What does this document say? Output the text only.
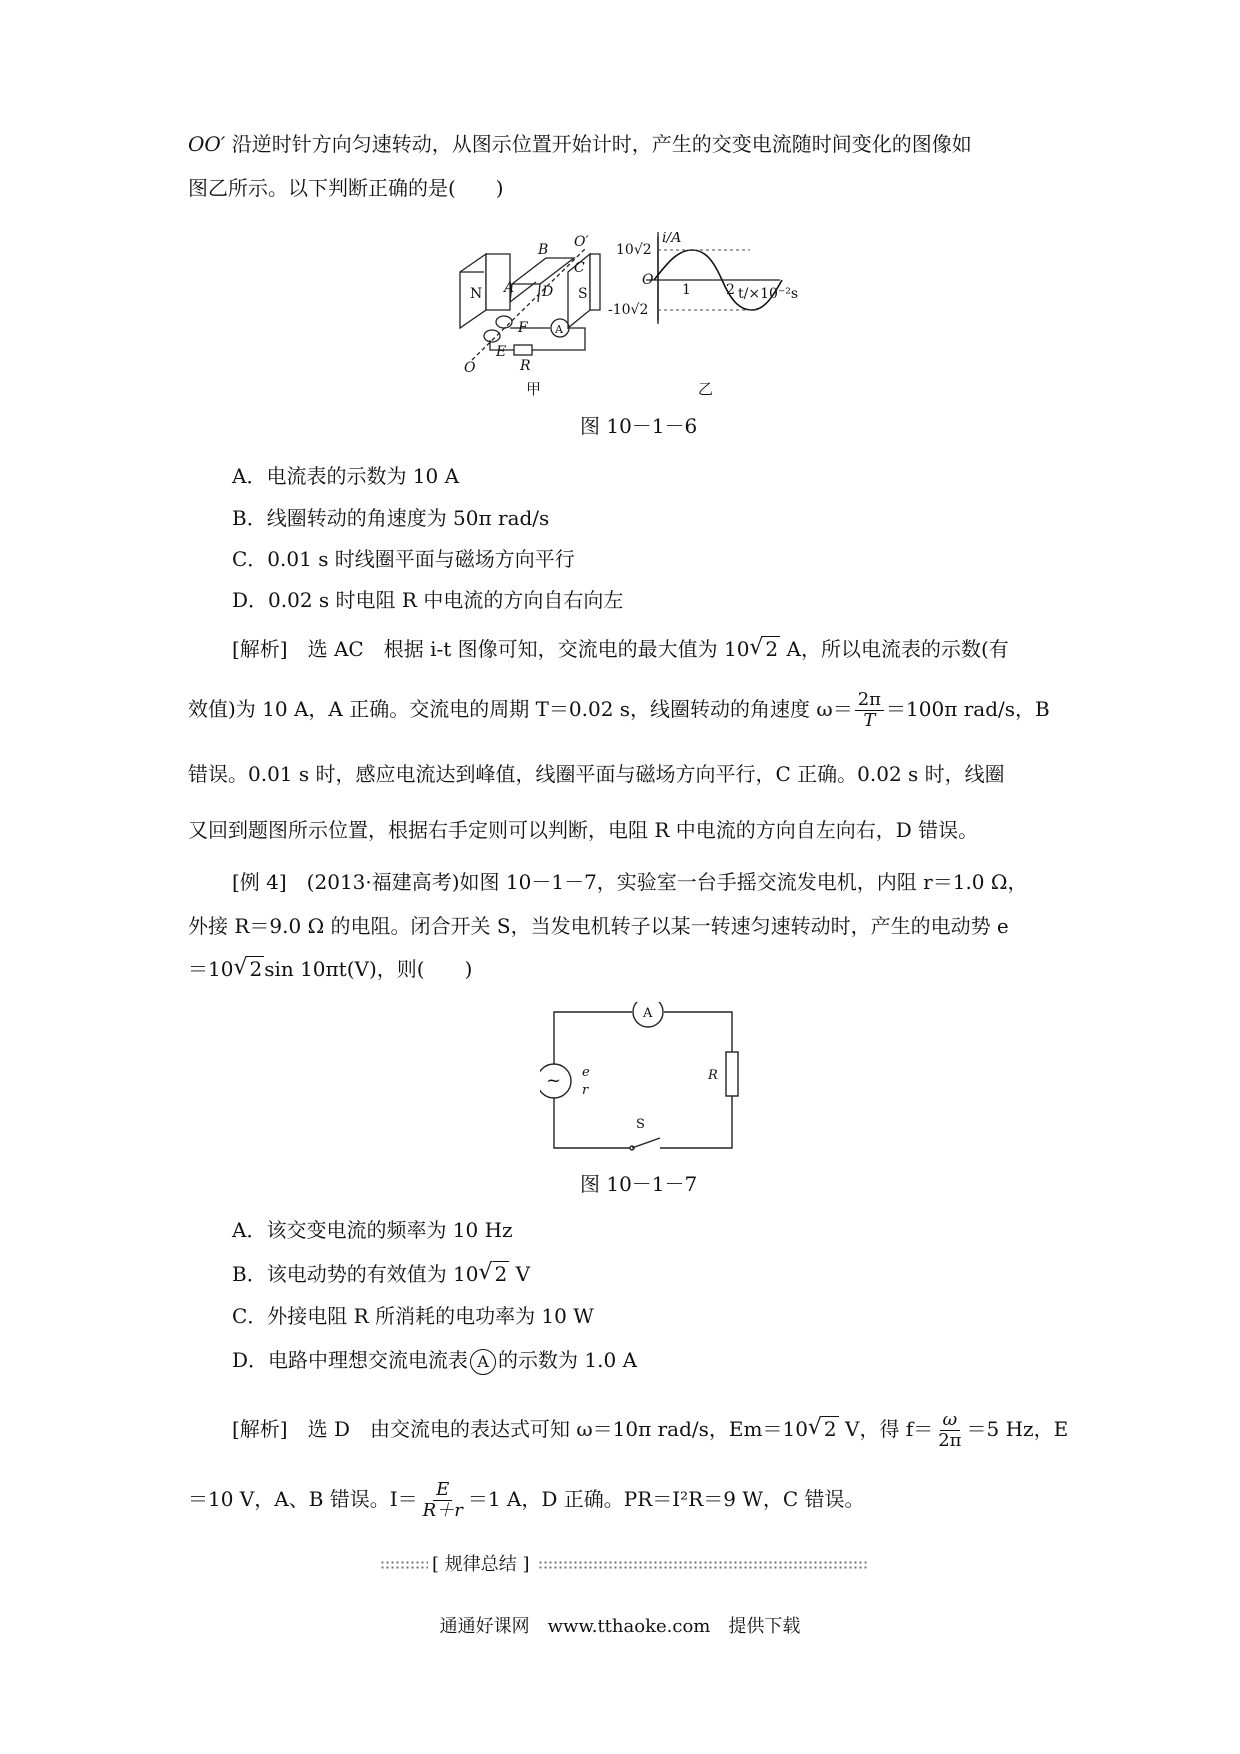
OO′ 沿逆时针方向匀速转动，从图示位置开始计时，产生的交变电流随时间变化的图像如
图乙所示。以下判断正确的是(　　)
N	S
B
C
O′
A D
F
E
R
O
A
甲
i/A
10√2
O
-10√2
1	2 t/×10⁻²s
乙
图 10－1－6
A．电流表的示数为 10 A
B．线圈转动的角速度为 50π rad/s
C．0.01 s 时线圈平面与磁场方向平行
D．0.02 s 时电阻 R 中电流的方向自右向左
[解析]　选 AC　根据 i-t 图像可知，交流电的最大值为 10 √ 2 A，所以电流表的示数(有
效值)为 10 A，A 正确。交流电的周期 T＝0.02 s，线圈转动的角速度 $\omega= \frac{2\pi}{T} =100\pi$ rad/s，B
错误。0.01 s 时，感应电流达到峰值，线圈平面与磁场方向平行，C 正确。0.02 s 时，线圈
又回到题图所示位置，根据右手定则可以判断，电阻 R 中电流的方向自左向右，D 错误。
[例 4]　(2013·福建高考)如图 10－1－7，实验室一台手摇交流发电机，内阻 r＝1.0 Ω，
外接 R＝9.0 Ω 的电阻。闭合开关 S，当发电机转子以某一转速匀速转动时，产生的电动势 e
＝10 √ 2 sin 10πt(V)，则(　　)
~
A
e
r
R
S
图 10－1－7
A．该交变电流的频率为 10 Hz
B．该电动势的有效值为 10 √ 2 V
C．外接电阻 R 所消耗的电功率为 10 W
D．电路中理想交流电流表 A 的示数为 1.0 A
[解析]　选 D　由交流电的表达式可知 ω＝10π rad/s，Em＝10 √ 2 V，得 $f= \frac{\omega}{2\pi} =5$ Hz，E
＝10 V，A、B 错误。$I= \frac{E}{R+r} =1$ A，D 正确。PR＝I²R＝9 W，C 错误。
[ 规律总结 ]
通通好课网　www.tthaoke.com　提供下载
